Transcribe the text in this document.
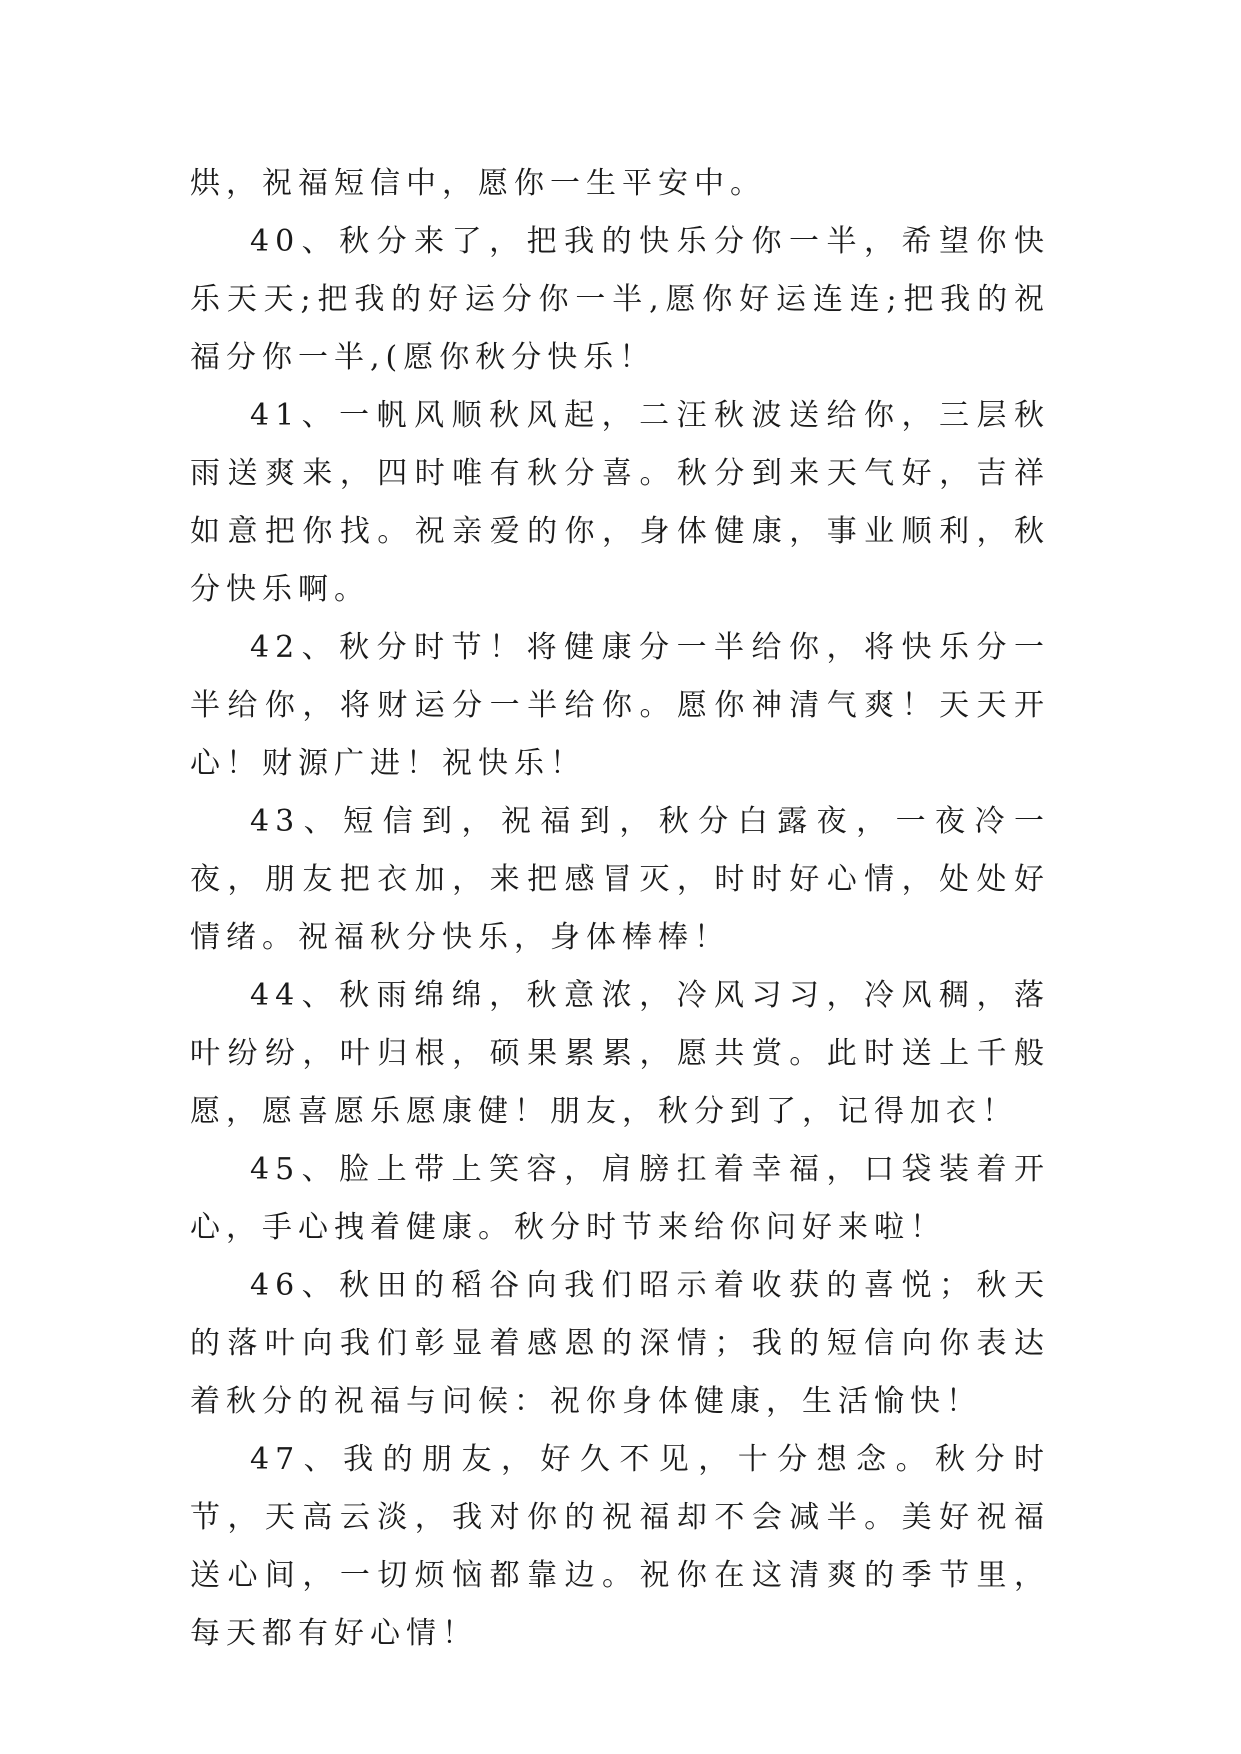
烘，祝福短信中，愿你一生平安中。

40、秋分来了，把我的快乐分你一半，希望你快乐天天;把我的好运分你一半,愿你好运连连;把我的祝福分你一半,(愿你秋分快乐！

41、一帆风顺秋风起，二汪秋波送给你，三层秋雨送爽来，四时唯有秋分喜。秋分到来天气好，吉祥如意把你找。祝亲爱的你，身体健康，事业顺利，秋分快乐啊。

42、秋分时节！将健康分一半给你，将快乐分一半给你，将财运分一半给你。愿你神清气爽！天天开心！财源广进！祝快乐！

43、短信到，祝福到，秋分白露夜，一夜冷一夜，朋友把衣加，来把感冒灭，时时好心情，处处好情绪。祝福秋分快乐，身体棒棒！

44、秋雨绵绵，秋意浓，冷风习习，冷风稠，落叶纷纷，叶归根，硕果累累，愿共赏。此时送上千般愿，愿喜愿乐愿康健！朋友，秋分到了，记得加衣！

45、脸上带上笑容，肩膀扛着幸福，口袋装着开心，手心拽着健康。秋分时节来给你问好来啦！

46、秋田的稻谷向我们昭示着收获的喜悦；秋天的落叶向我们彰显着感恩的深情；我的短信向你表达着秋分的祝福与问候：祝你身体健康，生活愉快！

47、我的朋友，好久不见，十分想念。秋分时节，天高云淡，我对你的祝福却不会减半。美好祝福送心间，一切烦恼都靠边。祝你在这清爽的季节里，每天都有好心情！
